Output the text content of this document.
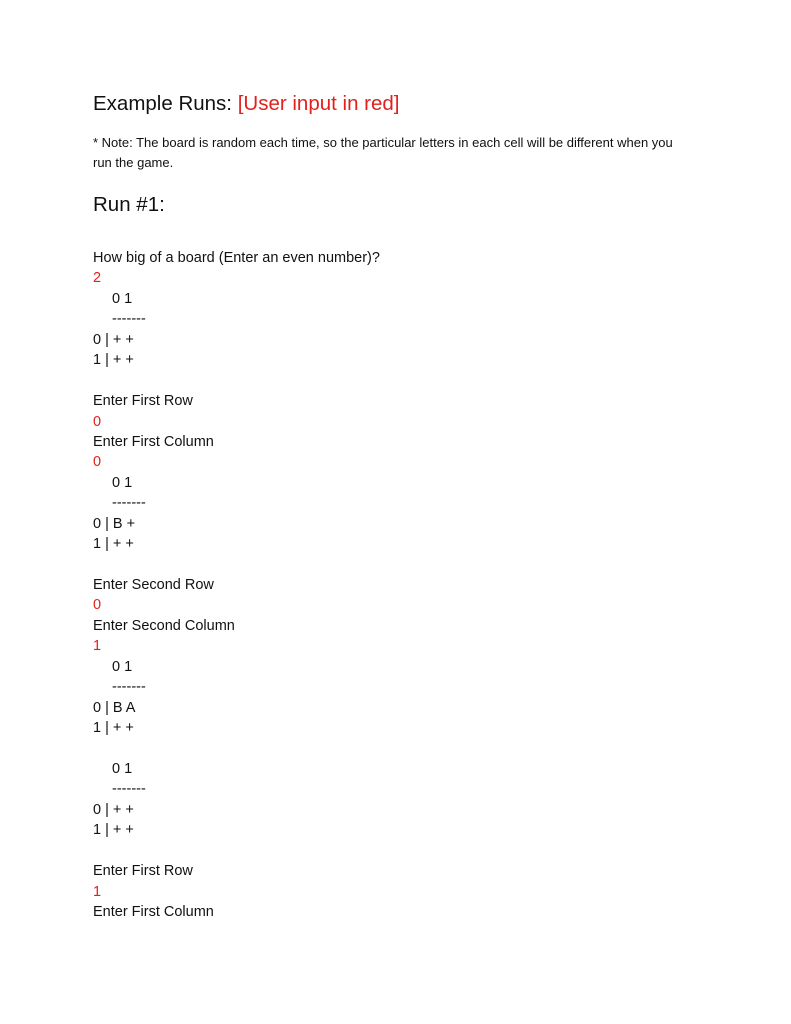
Example Runs: [User input in red]
* Note: The board is random each time, so the particular letters in each cell will be different when you run the game.
Run #1:
How big of a board (Enter an even number)?
2
0 1
-------
0 | + +
1 | + +
Enter First Row
0
Enter First Column
0
0 1
-------
0 | B +
1 | + +
Enter Second Row
0
Enter Second Column
1
0 1
-------
0 | B A
1 | + +
0 1
-------
0 | + +
1 | + +
Enter First Row
1
Enter First Column
